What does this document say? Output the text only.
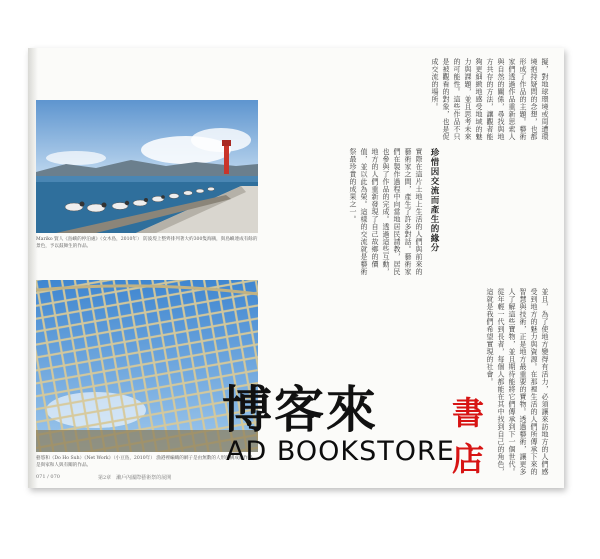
Mariko 賢人《島嶼的停泊處》（女木島，2010年） 防波堤上整齊排列著大約300隻海鷗，與島嶼連成有餘的景色，予以鼓舞生的作品。
藝悠和（Do Ho Suh）《Net Work》（小豆島，2010年） 漁港裡編織的網子是由無數的人形所構成的作品，是與家和人與有關的作品。
擬，對地球環境或周遭環境抱持疑問的念想，也都形成了作品的主題。藝術家們透過作品重新思索人與自然的關係，尋找與地方共存的方法，讓觀者能夠更細緻地感受地域的魅力與課題，並且思考未來的可能性。這些作品不只是被觀看的對象，也是促成交流的場所。
珍惜因交流而產生的緣分
實際在這片土地上生活的人們與前來的藝術家之間，產生了許多對話。藝術家們在製作過程中向當地居民請教，居民也參與了作品的完成。透過這些互動，地方的人們重新發現了自己故鄉的價值，並以此為榮。這樣的交流就是藝術祭最珍貴的成果之一。
並且，為了使地方變得有活力，必須讓來訪地方的人們感受到地方的魅力與資源。在那裡生活的人們所傳承下來的智慧與技術，正是地方最重要的寶物。透過藝術，讓更多人了解這些寶物，並且期待能將它們傳承到下一個世代。從年輕一代到長者，每個人都能在其中找到自己的角色，這就是我們希望實現的社會。
071 / 070	第2章　瀨戶內國際藝術祭的展開
博客來 書店
AD BOOKSTORE
